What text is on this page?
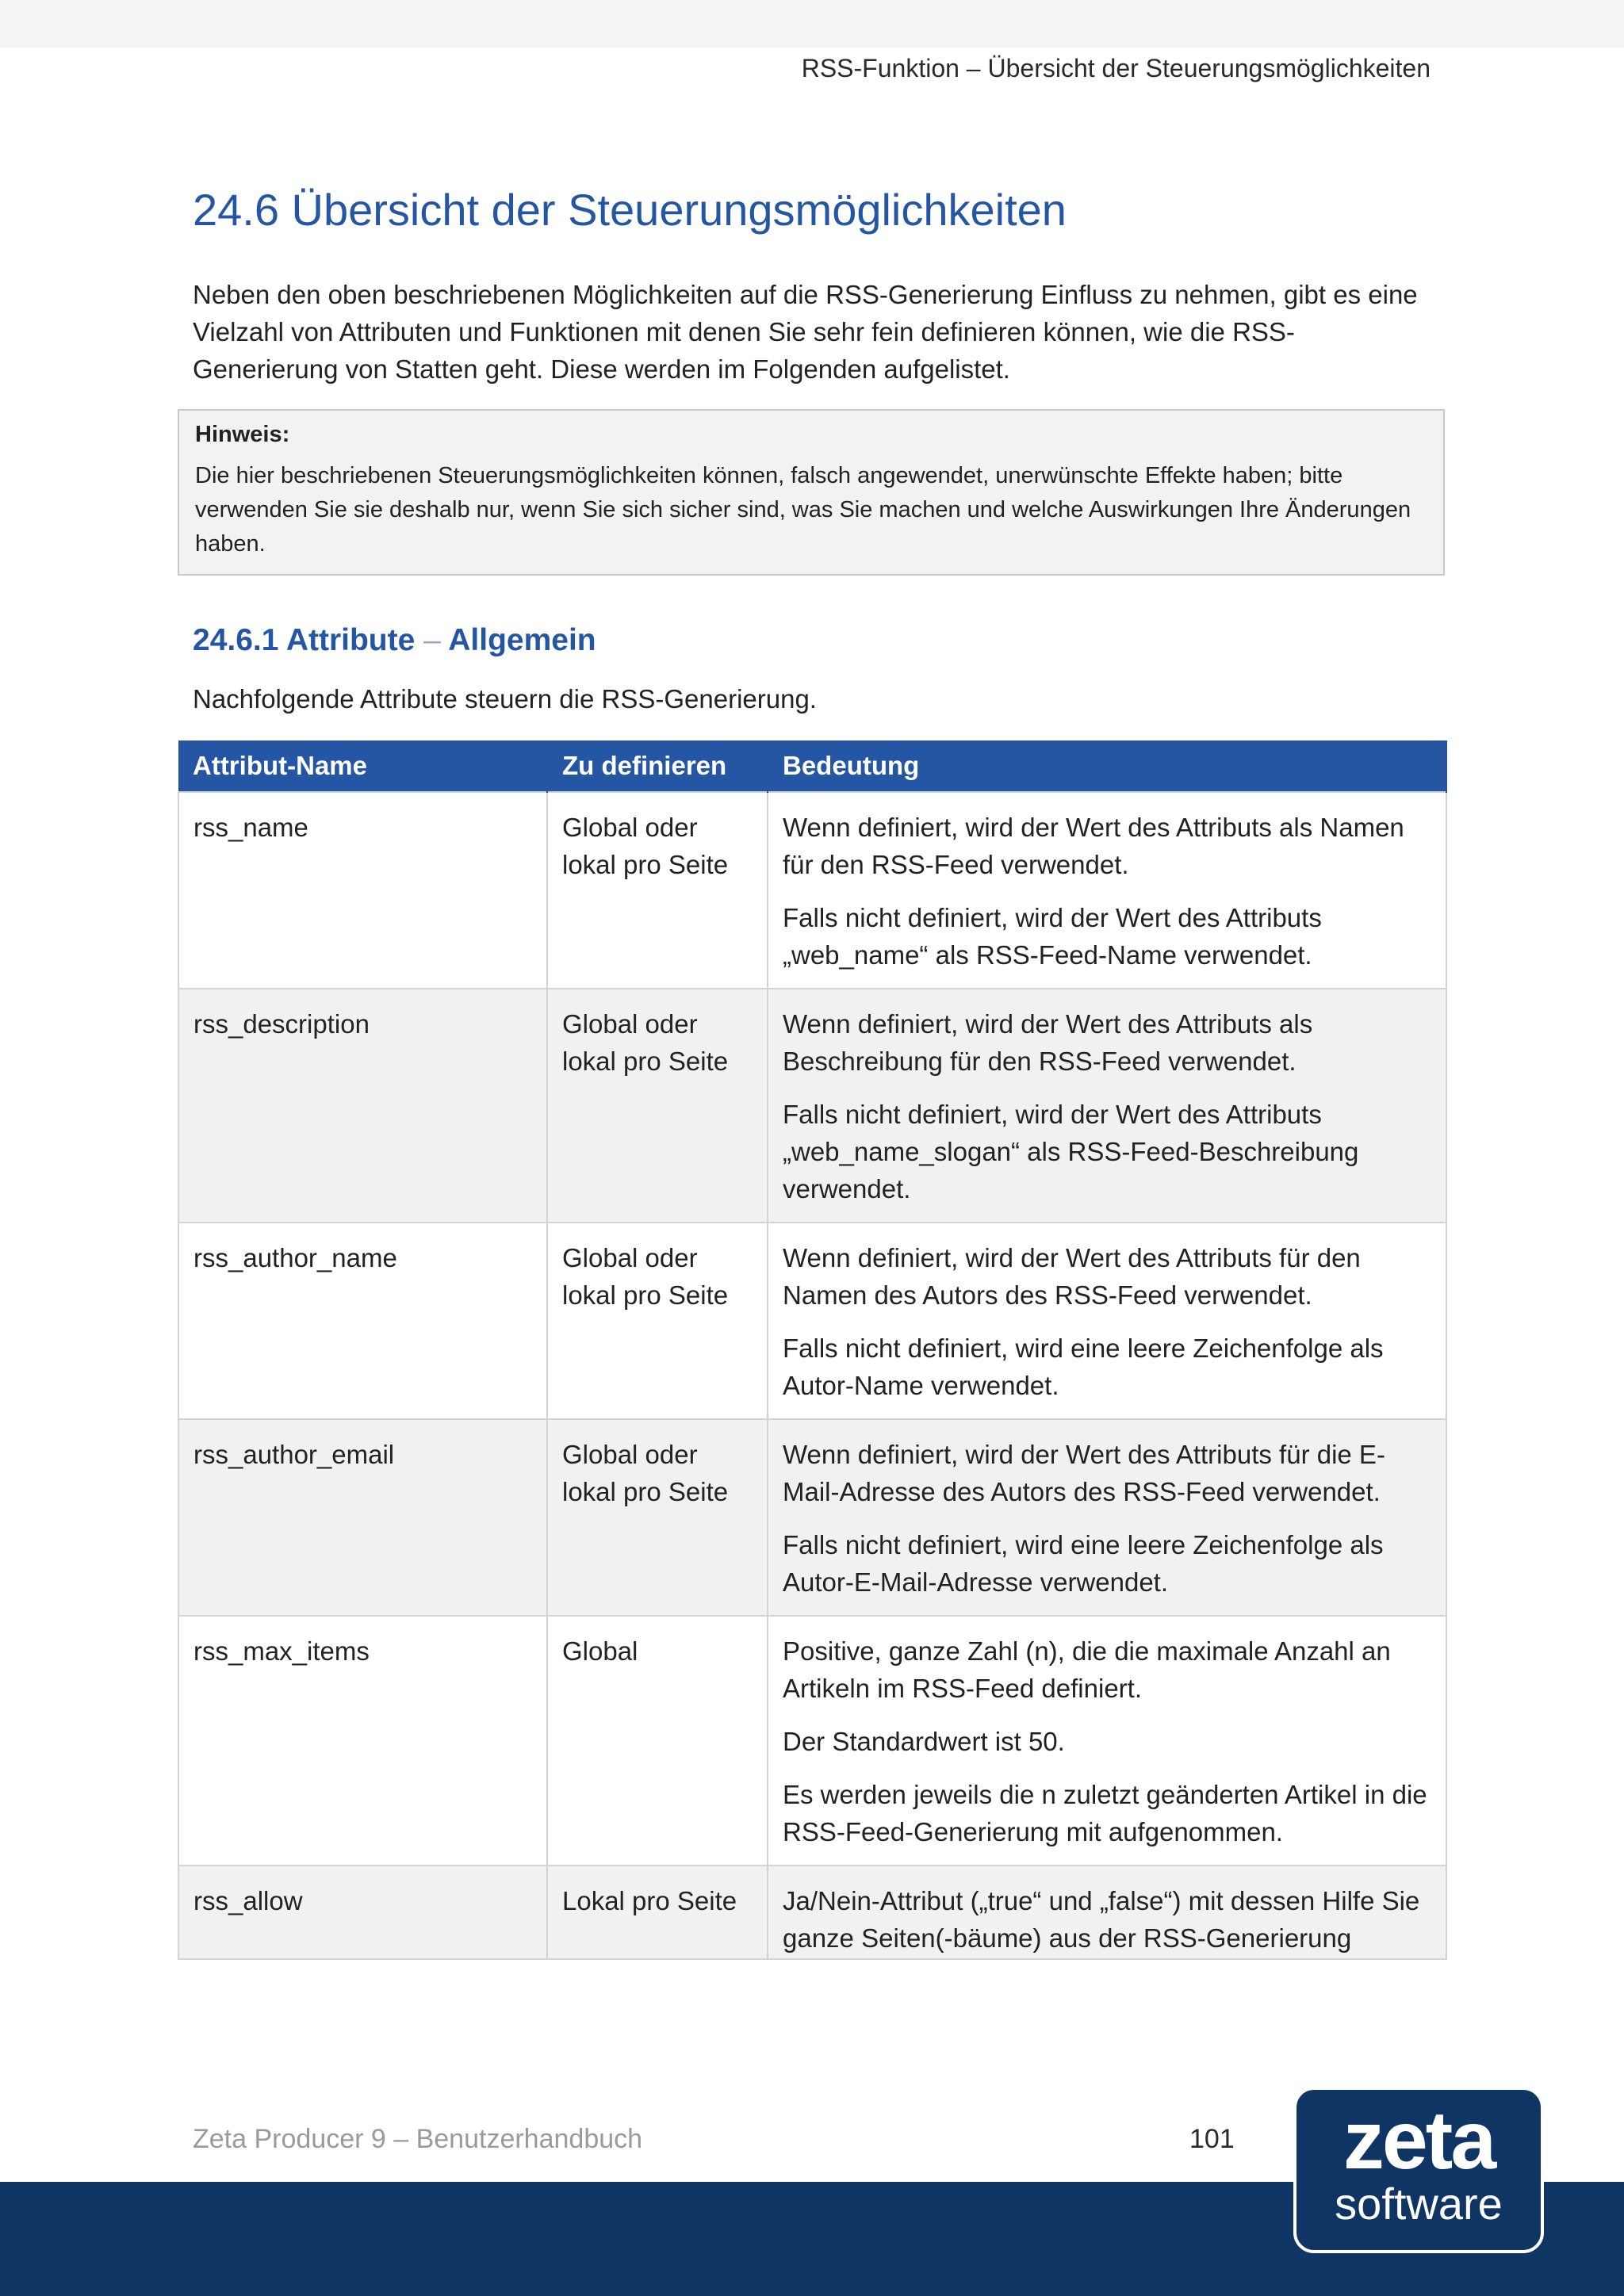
RSS-Funktion – Übersicht der Steuerungsmöglichkeiten
24.6 Übersicht der Steuerungsmöglichkeiten

Neben den oben beschriebenen Möglichkeiten auf die RSS-Generierung Einfluss zu nehmen, gibt es eine Vielzahl von Attributen und Funktionen mit denen Sie sehr fein definieren können, wie die RSS-Generierung von Statten geht. Diese werden im Folgenden aufgelistet.

Hinweis:

Die hier beschriebenen Steuerungsmöglichkeiten können, falsch angewendet, unerwünschte Effekte haben; bitte verwenden Sie sie deshalb nur, wenn Sie sich sicher sind, was Sie machen und welche Auswirkungen Ihre Änderungen haben.

24.6.1 Attribute – Allgemein

Nachfolgende Attribute steuern die RSS-Generierung.

Attribut-Name	Zu definieren	Bedeutung
rss_name	Global oder lokal pro Seite	Wenn definiert, wird der Wert des Attributs als Namen für den RSS-Feed verwendet.

Falls nicht definiert, wird der Wert des Attributs „web_name“ als RSS-Feed-Name verwendet.

rss_description	Global oder lokal pro Seite	Wenn definiert, wird der Wert des Attributs als Beschreibung für den RSS-Feed verwendet.

Falls nicht definiert, wird der Wert des Attributs „web_name_slogan“ als RSS-Feed-Beschreibung verwendet.

rss_author_name	Global oder lokal pro Seite	Wenn definiert, wird der Wert des Attributs für den Namen des Autors des RSS-Feed verwendet.

Falls nicht definiert, wird eine leere Zeichenfolge als Autor-Name verwendet.

rss_author_email	Global oder lokal pro Seite	Wenn definiert, wird der Wert des Attributs für die E-Mail-Adresse des Autors des RSS-Feed verwendet.

Falls nicht definiert, wird eine leere Zeichenfolge als Autor-E-Mail-Adresse verwendet.

rss_max_items	Global	Positive, ganze Zahl (n), die die maximale Anzahl an Artikeln im RSS-Feed definiert.

Der Standardwert ist 50.

Es werden jeweils die n zuletzt geänderten Artikel in die RSS-Feed-Generierung mit aufgenommen.

rss_allow	Lokal pro Seite	Ja/Nein-Attribut („true“ und „false“) mit dessen Hilfe Sie ganze Seiten(-bäume) aus der RSS-Generierung

Zeta Producer 9 – Benutzerhandbuch	101	zeta
software
